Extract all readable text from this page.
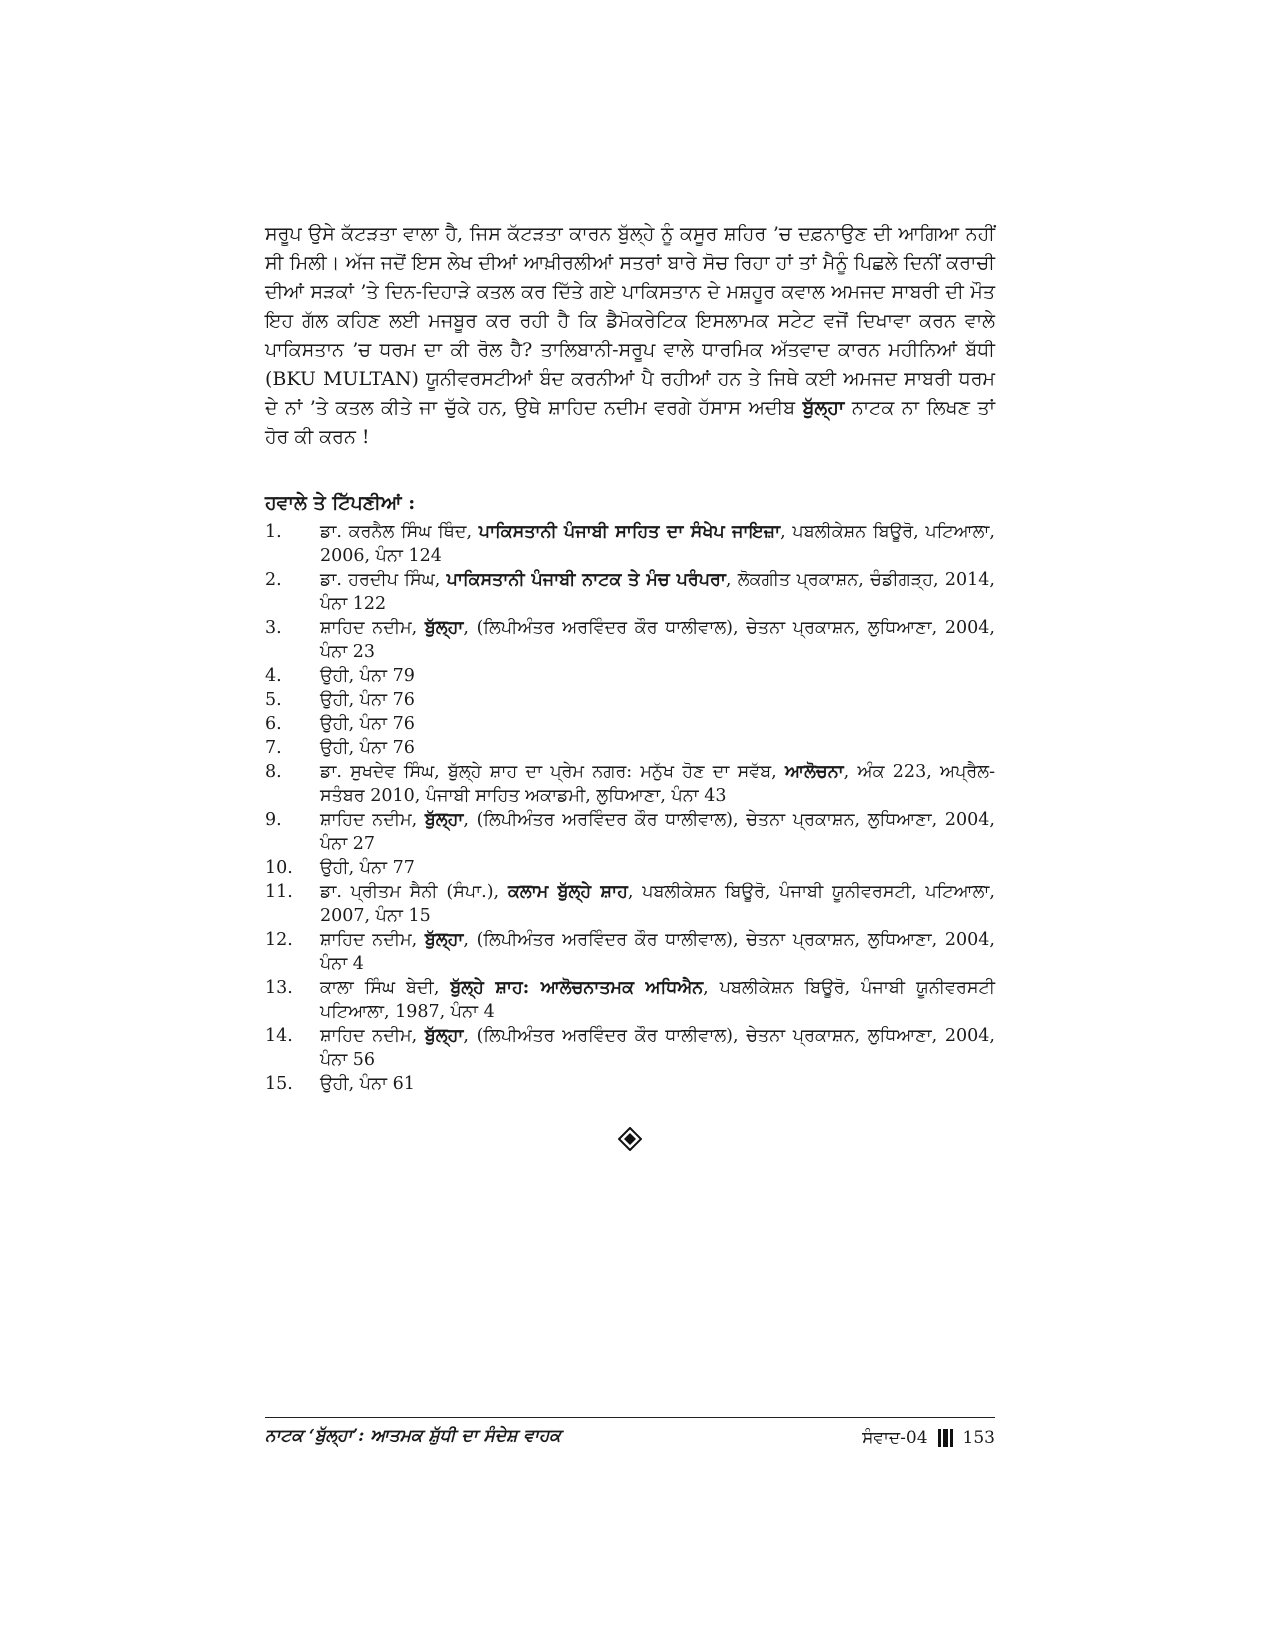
ਸਰੂਪ ਉਸੇ ਕੱਟੜਤਾ ਵਾਲਾ ਹੈ, ਜਿਸ ਕੱਟੜਤਾ ਕਾਰਨ ਬੁੱਲ੍ਹੇ ਨੂੰ ਕਸੂਰ ਸ਼ਹਿਰ ’ਚ ਦਫ਼ਨਾਉਣ ਦੀ ਆਗਿਆ ਨਹੀਂ ਸੀ ਮਿਲੀ। ਅੱਜ ਜਦੋਂ ਇਸ ਲੇਖ ਦੀਆਂ ਆਖ਼ੀਰਲੀਆਂ ਸਤਰਾਂ ਬਾਰੇ ਸੋਚ ਰਿਹਾ ਹਾਂ ਤਾਂ ਮੈਨੂੰ ਪਿਛਲੇ ਦਿਨੀਂ ਕਰਾਚੀ ਦੀਆਂ ਸੜਕਾਂ ’ਤੇ ਦਿਨ-ਦਿਹਾੜੇ ਕਤਲ ਕਰ ਦਿੱਤੇ ਗਏ ਪਾਕਿਸਤਾਨ ਦੇ ਮਸ਼ਹੂਰ ਕਵਾਲ ਅਮਜਦ ਸਾਬਰੀ ਦੀ ਮੌਤ ਇਹ ਗੱਲ ਕਹਿਣ ਲਈ ਮਜਬੂਰ ਕਰ ਰਹੀ ਹੈ ਕਿ ਡੈਮੋਕਰੇਟਿਕ ਇਸਲਾਮਕ ਸਟੇਟ ਵਜੋਂ ਦਿਖਾਵਾ ਕਰਨ ਵਾਲੇ ਪਾਕਿਸਤਾਨ ’ਚ ਧਰਮ ਦਾ ਕੀ ਰੋਲ ਹੈ? ਤਾਲਿਬਾਨੀ-ਸਰੂਪ ਵਾਲੇ ਧਾਰਮਿਕ ਅੱਤਵਾਦ ਕਾਰਨ ਮਹੀਨਿਆਂ ਬੱਧੀ (BKU MULTAN) ਯੂਨੀਵਰਸਟੀਆਂ ਬੰਦ ਕਰਨੀਆਂ ਪੈ ਰਹੀਆਂ ਹਨ ਤੇ ਜਿਥੇ ਕਈ ਅਮਜਦ ਸਾਬਰੀ ਧਰਮ ਦੇ ਨਾਂ ’ਤੇ ਕਤਲ ਕੀਤੇ ਜਾ ਚੁੱਕੇ ਹਨ, ਉਥੇ ਸ਼ਾਹਿਦ ਨਦੀਮ ਵਰਗੇ ਹੱਸਾਸ ਅਦੀਬ ਬੁੱਲ੍ਹਾ ਨਾਟਕ ਨਾ ਲਿਖਣ ਤਾਂ ਹੋਰ ਕੀ ਕਰਨ !

ਹਵਾਲੇ ਤੇ ਟਿੱਪਣੀਆਂ :

1.	ਡਾ. ਕਰਨੈਲ ਸਿੰਘ ਥਿੰਦ, ਪਾਕਿਸਤਾਨੀ ਪੰਜਾਬੀ ਸਾਹਿਤ ਦਾ ਸੰਖੇਪ ਜਾਇਜ਼ਾ, ਪਬਲੀਕੇਸ਼ਨ ਬਿਊਰੋ, ਪਟਿਆਲਾ, 2006, ਪੰਨਾ 124
2.	ਡਾ. ਹਰਦੀਪ ਸਿੰਘ, ਪਾਕਿਸਤਾਨੀ ਪੰਜਾਬੀ ਨਾਟਕ ਤੇ ਮੰਚ ਪਰੰਪਰਾ, ਲੋਕਗੀਤ ਪ੍ਰਕਾਸ਼ਨ, ਚੰਡੀਗੜ੍ਹ, 2014, ਪੰਨਾ 122
3.	ਸ਼ਾਹਿਦ ਨਦੀਮ, ਬੁੱਲ੍ਹਾ, (ਲਿਪੀਅੰਤਰ ਅਰਵਿੰਦਰ ਕੌਰ ਧਾਲੀਵਾਲ), ਚੇਤਨਾ ਪ੍ਰਕਾਸ਼ਨ, ਲੁਧਿਆਣਾ, 2004, ਪੰਨਾ 23
4.	ਉਹੀ, ਪੰਨਾ 79
5.	ਉਹੀ, ਪੰਨਾ 76
6.	ਉਹੀ, ਪੰਨਾ 76
7.	ਉਹੀ, ਪੰਨਾ 76
8.	ਡਾ. ਸੁਖਦੇਵ ਸਿੰਘ, ਬੁੱਲ੍ਹੇ ਸ਼ਾਹ ਦਾ ਪ੍ਰੇਮ ਨਗਰ: ਮਨੁੱਖ ਹੋਣ ਦਾ ਸਵੱਬ, ਆਲੋਚਨਾ, ਅੰਕ 223, ਅਪ੍ਰੈਲ-ਸਤੰਬਰ 2010, ਪੰਜਾਬੀ ਸਾਹਿਤ ਅਕਾਡਮੀ, ਲੁਧਿਆਣਾ, ਪੰਨਾ 43
9.	ਸ਼ਾਹਿਦ ਨਦੀਮ, ਬੁੱਲ੍ਹਾ, (ਲਿਪੀਅੰਤਰ ਅਰਵਿੰਦਰ ਕੌਰ ਧਾਲੀਵਾਲ), ਚੇਤਨਾ ਪ੍ਰਕਾਸ਼ਨ, ਲੁਧਿਆਣਾ, 2004, ਪੰਨਾ 27
10.	ਉਹੀ, ਪੰਨਾ 77
11.	ਡਾ. ਪ੍ਰੀਤਮ ਸੈਨੀ (ਸੰਪਾ.), ਕਲਾਮ ਬੁੱਲ੍ਹੇ ਸ਼ਾਹ, ਪਬਲੀਕੇਸ਼ਨ ਬਿਊਰੋ, ਪੰਜਾਬੀ ਯੂਨੀਵਰਸਟੀ, ਪਟਿਆਲਾ, 2007, ਪੰਨਾ 15
12.	ਸ਼ਾਹਿਦ ਨਦੀਮ, ਬੁੱਲ੍ਹਾ, (ਲਿਪੀਅੰਤਰ ਅਰਵਿੰਦਰ ਕੌਰ ਧਾਲੀਵਾਲ), ਚੇਤਨਾ ਪ੍ਰਕਾਸ਼ਨ, ਲੁਧਿਆਣਾ, 2004, ਪੰਨਾ 4
13.	ਕਾਲਾ ਸਿੰਘ ਬੇਦੀ, ਬੁੱਲ੍ਹੇ ਸ਼ਾਹ: ਆਲੋਚਨਾਤਮਕ ਅਧਿਐਨ, ਪਬਲੀਕੇਸ਼ਨ ਬਿਊਰੋ, ਪੰਜਾਬੀ ਯੂਨੀਵਰਸਟੀ ਪਟਿਆਲਾ, 1987, ਪੰਨਾ 4
14.	ਸ਼ਾਹਿਦ ਨਦੀਮ, ਬੁੱਲ੍ਹਾ, (ਲਿਪੀਅੰਤਰ ਅਰਵਿੰਦਰ ਕੌਰ ਧਾਲੀਵਾਲ), ਚੇਤਨਾ ਪ੍ਰਕਾਸ਼ਨ, ਲੁਧਿਆਣਾ, 2004, ਪੰਨਾ 56
15.	ਉਹੀ, ਪੰਨਾ 61
ਨਾਟਕ ‘ਬੁੱਲ੍ਹਾ’: ਆਤਮਕ ਸ਼ੁੱਧੀ ਦਾ ਸੰਦੇਸ਼ ਵਾਹਕ	ਸੰਵਾਦ-04 153
